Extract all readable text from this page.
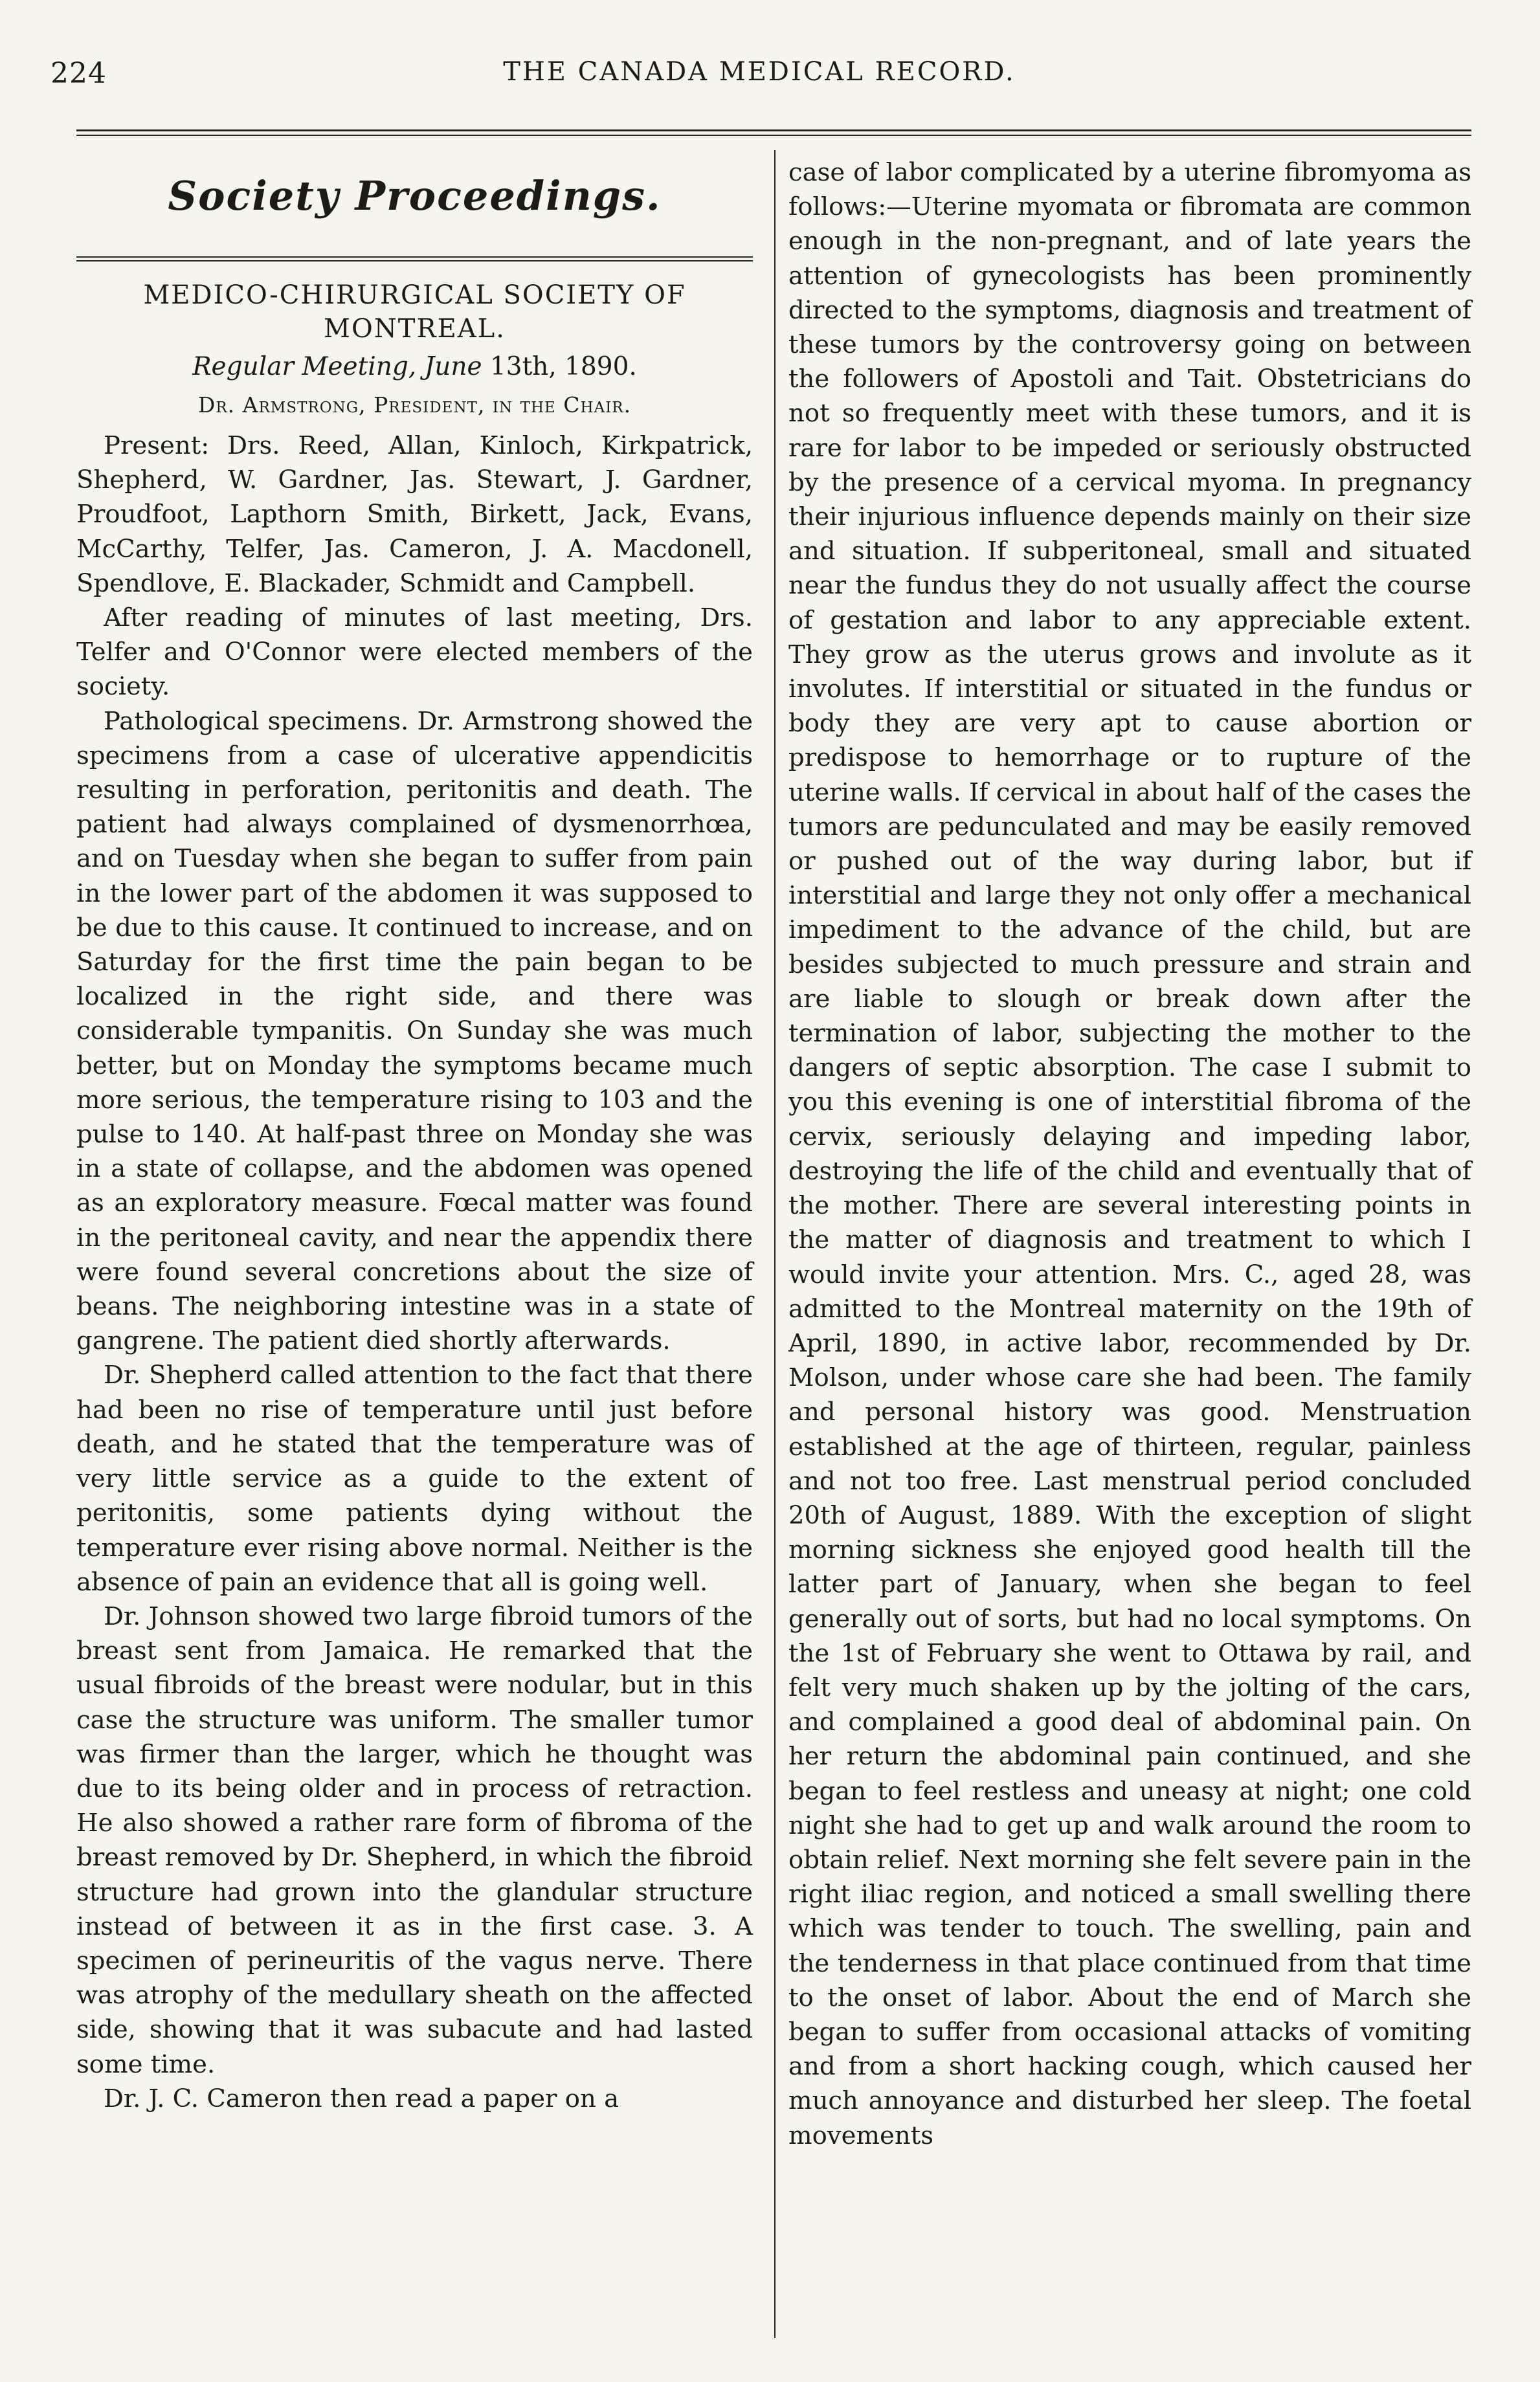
224	THE CANADA MEDICAL RECORD.
Society Proceedings.
MEDICO-CHIRURGICAL SOCIETY OF MONTREAL.

Regular Meeting, June 13th, 1890.

Dr. Armstrong, President, in the Chair.

Present: Drs. Reed, Allan, Kinloch, Kirkpatrick, Shepherd, W. Gardner, Jas. Stewart, J. Gardner, Proudfoot, Lapthorn Smith, Birkett, Jack, Evans, McCarthy, Telfer, Jas. Cameron, J. A. Macdonell, Spendlove, E. Blackader, Schmidt and Campbell.

After reading of minutes of last meeting, Drs. Telfer and O'Connor were elected members of the society.

Pathological specimens. Dr. Armstrong showed the specimens from a case of ulcerative appendicitis resulting in perforation, peritonitis and death. The patient had always complained of dysmenorrhœa, and on Tuesday when she began to suffer from pain in the lower part of the abdomen it was supposed to be due to this cause. It continued to increase, and on Saturday for the first time the pain began to be localized in the right side, and there was considerable tympanitis. On Sunday she was much better, but on Monday the symptoms became much more serious, the temperature rising to 103 and the pulse to 140. At half-past three on Monday she was in a state of collapse, and the abdomen was opened as an exploratory measure. Fœcal matter was found in the peritoneal cavity, and near the appendix there were found several concretions about the size of beans. The neighboring intestine was in a state of gangrene. The patient died shortly afterwards.

Dr. Shepherd called attention to the fact that there had been no rise of temperature until just before death, and he stated that the temperature was of very little service as a guide to the extent of peritonitis, some patients dying without the temperature ever rising above normal. Neither is the absence of pain an evidence that all is going well.

Dr. Johnson showed two large fibroid tumors of the breast sent from Jamaica. He remarked that the usual fibroids of the breast were nodular, but in this case the structure was uniform. The smaller tumor was firmer than the larger, which he thought was due to its being older and in process of retraction. He also showed a rather rare form of fibroma of the breast removed by Dr. Shepherd, in which the fibroid structure had grown into the glandular structure instead of between it as in the first case. 3. A specimen of perineuritis of the vagus nerve. There was atrophy of the medullary sheath on the affected side, showing that it was subacute and had lasted some time.

Dr. J. C. Cameron then read a paper on a

case of labor complicated by a uterine fibromyoma as follows:—Uterine myomata or fibromata are common enough in the non-pregnant, and of late years the attention of gynecologists has been prominently directed to the symptoms, diagnosis and treatment of these tumors by the controversy going on between the followers of Apostoli and Tait. Obstetricians do not so frequently meet with these tumors, and it is rare for labor to be impeded or seriously obstructed by the presence of a cervical myoma. In pregnancy their injurious influence depends mainly on their size and situation. If subperitoneal, small and situated near the fundus they do not usually affect the course of gestation and labor to any appreciable extent. They grow as the uterus grows and involute as it involutes. If interstitial or situated in the fundus or body they are very apt to cause abortion or predispose to hemorrhage or to rupture of the uterine walls. If cervical in about half of the cases the tumors are pedunculated and may be easily removed or pushed out of the way during labor, but if interstitial and large they not only offer a mechanical impediment to the advance of the child, but are besides subjected to much pressure and strain and are liable to slough or break down after the termination of labor, subjecting the mother to the dangers of septic absorption. The case I submit to you this evening is one of interstitial fibroma of the cervix, seriously delaying and impeding labor, destroying the life of the child and eventually that of the mother. There are several interesting points in the matter of diagnosis and treatment to which I would invite your attention. Mrs. C., aged 28, was admitted to the Montreal maternity on the 19th of April, 1890, in active labor, recommended by Dr. Molson, under whose care she had been. The family and personal history was good. Menstruation established at the age of thirteen, regular, painless and not too free. Last menstrual period concluded 20th of August, 1889. With the exception of slight morning sickness she enjoyed good health till the latter part of January, when she began to feel generally out of sorts, but had no local symptoms. On the 1st of February she went to Ottawa by rail, and felt very much shaken up by the jolting of the cars, and complained a good deal of abdominal pain. On her return the abdominal pain continued, and she began to feel restless and uneasy at night; one cold night she had to get up and walk around the room to obtain relief. Next morning she felt severe pain in the right iliac region, and noticed a small swelling there which was tender to touch. The swelling, pain and the tenderness in that place continued from that time to the onset of labor. About the end of March she began to suffer from occasional attacks of vomiting and from a short hacking cough, which caused her much annoyance and disturbed her sleep. The foetal movements
